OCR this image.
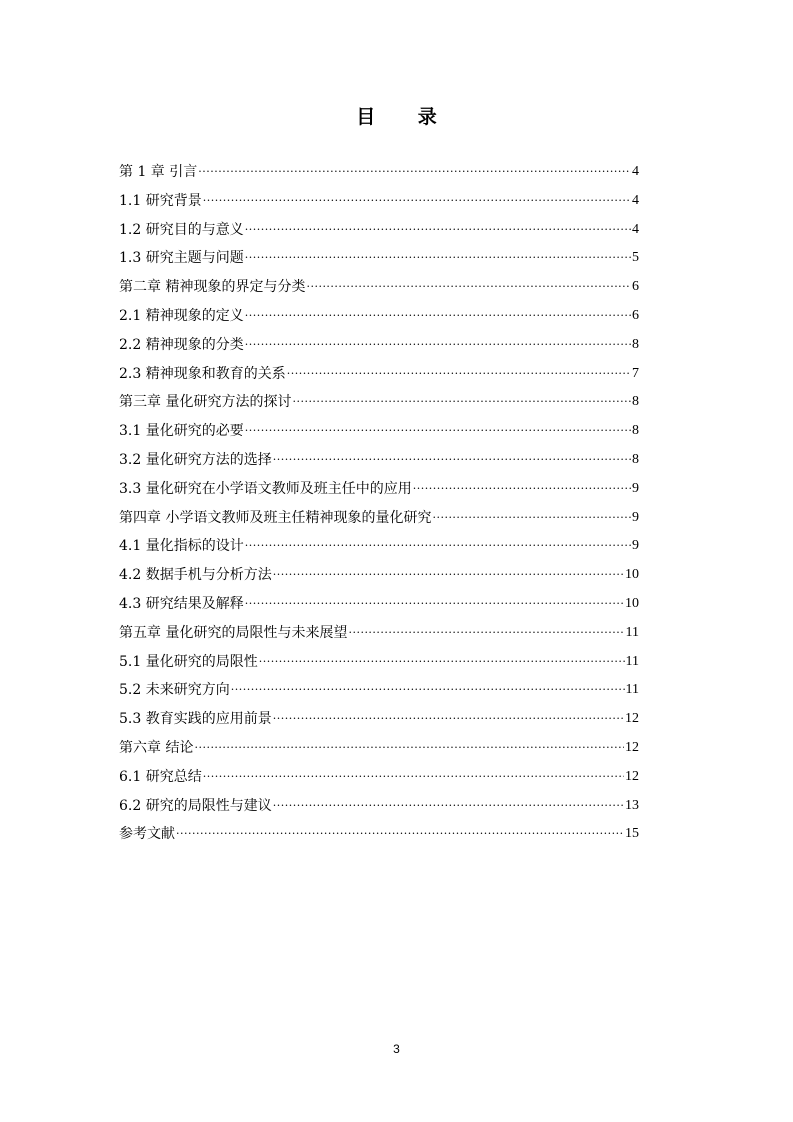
目 录
第 1 章 引言 ·····	4
1.1 研究背景 ·····	4
1.2 研究目的与意义 ·····	4
1.3 研究主题与问题 ·····	5
第二章 精神现象的界定与分类 ·····	6
2.1 精神现象的定义 ·····	6
2.2 精神现象的分类 ·····	8
2.3 精神现象和教育的关系 ·····	7
第三章 量化研究方法的探讨 ·····	8
3.1 量化研究的必要 ·····	8
3.2 量化研究方法的选择 ·····	8
3.3 量化研究在小学语文教师及班主任中的应用 ·····	9
第四章 小学语文教师及班主任精神现象的量化研究 ·····	9
4.1 量化指标的设计 ·····	9
4.2 数据手机与分析方法 ·····	10
4.3 研究结果及解释 ·····	10
第五章 量化研究的局限性与未来展望 ·····	11
5.1 量化研究的局限性 ·····	11
5.2 未来研究方向 ·····	11
5.3 教育实践的应用前景 ·····	12
第六章 结论 ·····	12
6.1 研究总结 ·····	12
6.2 研究的局限性与建议 ·····	13
参考文献 ·····	15
3
